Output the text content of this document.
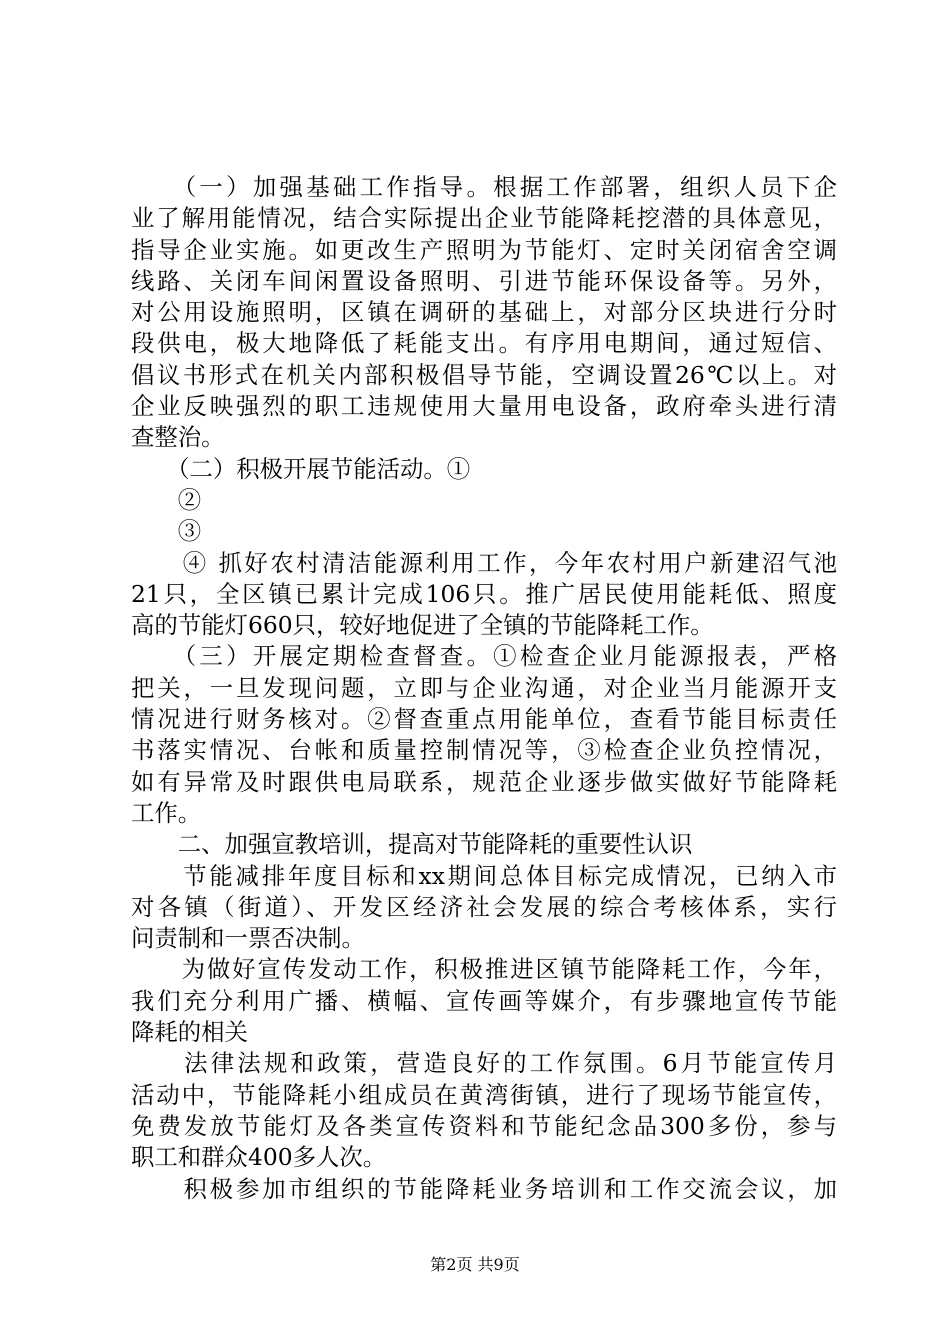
　　（一）加强基础工作指导。根据工作部署，组织人员下企
业了解用能情况，结合实际提出企业节能降耗挖潜的具体意见，
指导企业实施。如更改生产照明为节能灯、定时关闭宿舍空调
线路、关闭车间闲置设备照明、引进节能环保设备等。另外，
对公用设施照明，区镇在调研的基础上，对部分区块进行分时
段供电，极大地降低了耗能支出。有序用电期间，通过短信、
倡议书形式在机关内部积极倡导节能，空调设置26℃以上。对
企业反映强烈的职工违规使用大量用电设备，政府牵头进行清
查整治。
　　（二）积极开展节能活动。①
　　②
　　③
　　④ 抓好农村清洁能源利用工作，今年农村用户新建沼气池
21只，全区镇已累计完成106只。推广居民使用能耗低、照度
高的节能灯660只，较好地促进了全镇的节能降耗工作。
　　（三）开展定期检查督查。①检查企业月能源报表，严格
把关，一旦发现问题，立即与企业沟通，对企业当月能源开支
情况进行财务核对。②督查重点用能单位，查看节能目标责任
书落实情况、台帐和质量控制情况等，③检查企业负控情况，
如有异常及时跟供电局联系，规范企业逐步做实做好节能降耗
工作。
　　二、加强宣教培训，提高对节能降耗的重要性认识
　　节能减排年度目标和xx期间总体目标完成情况，已纳入市
对各镇（街道）、开发区经济社会发展的综合考核体系，实行
问责制和一票否决制。
　　为做好宣传发动工作，积极推进区镇节能降耗工作，今年，
我们充分利用广播、横幅、宣传画等媒介，有步骤地宣传节能
降耗的相关
　　法律法规和政策，营造良好的工作氛围。6月节能宣传月
活动中，节能降耗小组成员在黄湾街镇，进行了现场节能宣传，
免费发放节能灯及各类宣传资料和节能纪念品300多份，参与
职工和群众400多人次。
　　积极参加市组织的节能降耗业务培训和工作交流会议，加
第2页 共9页
